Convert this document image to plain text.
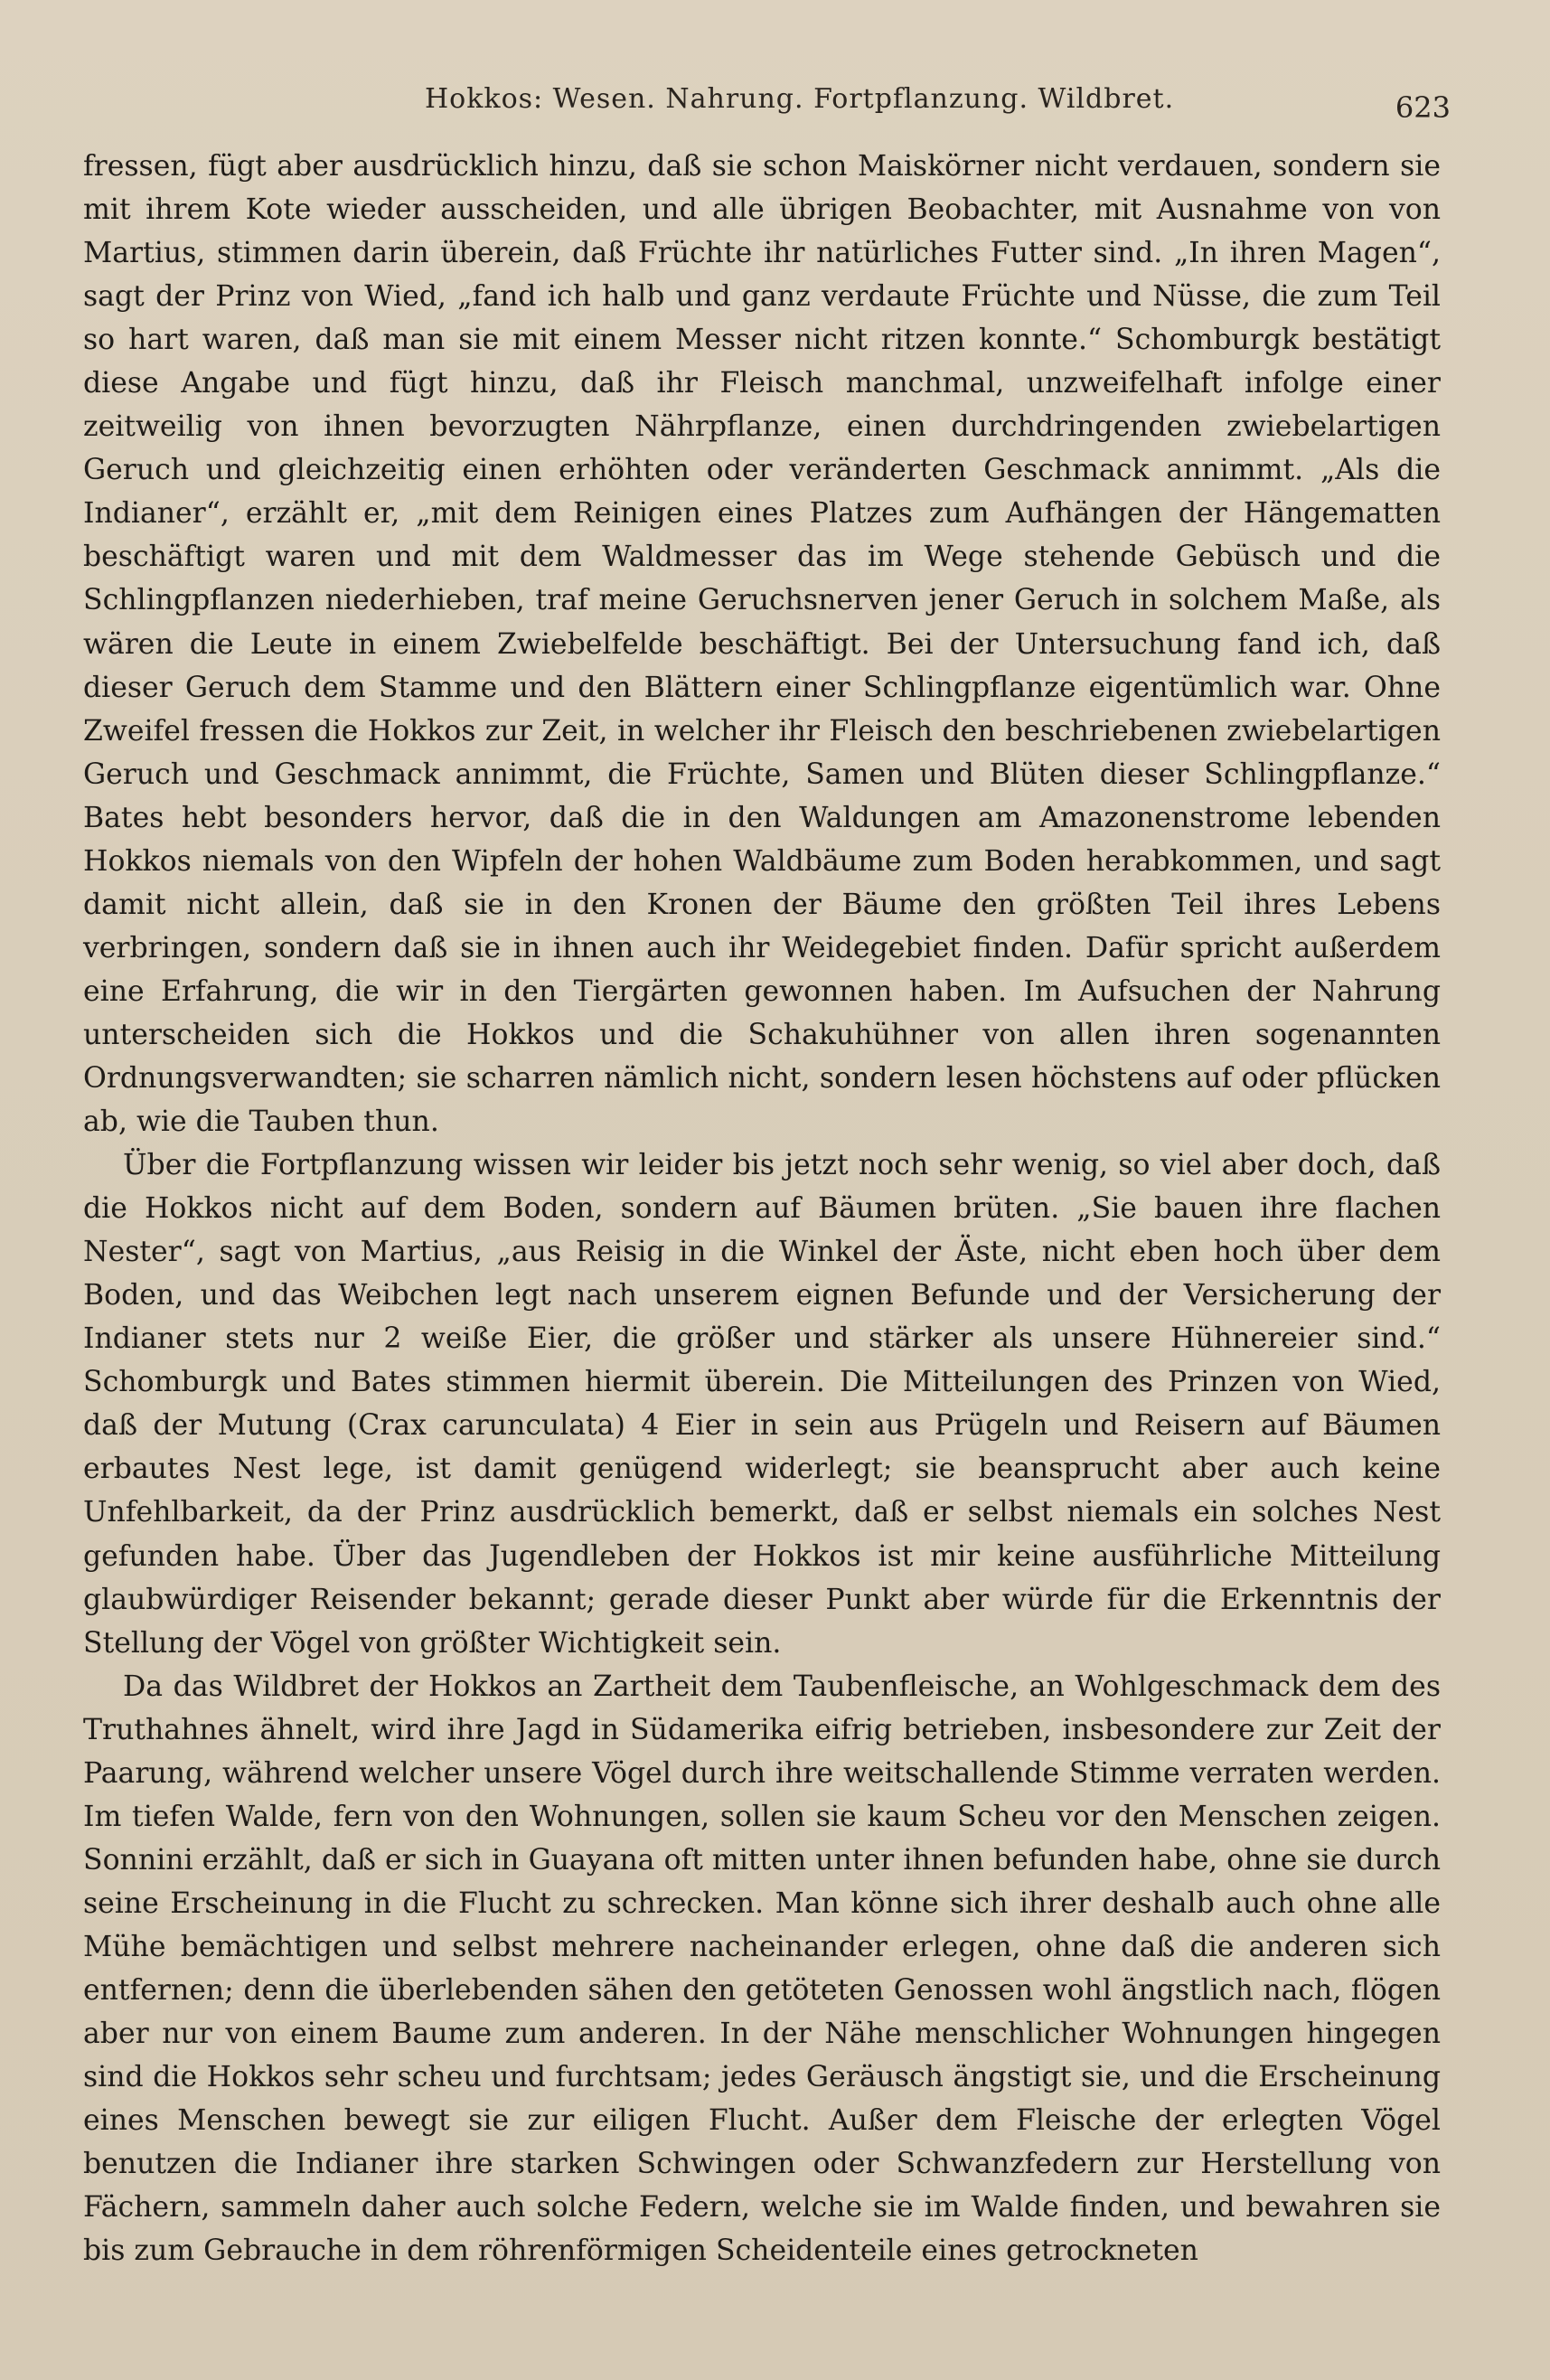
Hokkos: Wesen. Nahrung. Fortpflanzung. Wildbret.	623

fressen, fügt aber ausdrücklich hinzu, daß sie schon Maiskörner nicht verdauen, sondern sie mit ihrem Kote wieder ausscheiden, und alle übrigen Beobachter, mit Ausnahme von von Martius, stimmen darin überein, daß Früchte ihr natürliches Futter sind. „In ihren Magen“, sagt der Prinz von Wied, „fand ich halb und ganz verdaute Früchte und Nüsse, die zum Teil so hart waren, daß man sie mit einem Messer nicht ritzen konnte.“ Schomburgk bestätigt diese Angabe und fügt hinzu, daß ihr Fleisch manchmal, unzweifelhaft infolge einer zeitweilig von ihnen bevorzugten Nährpflanze, einen durchdringenden zwiebelartigen Geruch und gleichzeitig einen erhöhten oder veränderten Geschmack annimmt. „Als die Indianer“, erzählt er, „mit dem Reinigen eines Platzes zum Aufhängen der Hängematten beschäftigt waren und mit dem Waldmesser das im Wege stehende Gebüsch und die Schlingpflanzen niederhieben, traf meine Geruchsnerven jener Geruch in solchem Maße, als wären die Leute in einem Zwiebelfelde beschäftigt. Bei der Untersuchung fand ich, daß dieser Geruch dem Stamme und den Blättern einer Schlingpflanze eigentümlich war. Ohne Zweifel fressen die Hokkos zur Zeit, in welcher ihr Fleisch den beschriebenen zwiebelartigen Geruch und Geschmack annimmt, die Früchte, Samen und Blüten dieser Schlingpflanze.“ Bates hebt besonders hervor, daß die in den Waldungen am Amazonenstrome lebenden Hokkos niemals von den Wipfeln der hohen Waldbäume zum Boden herabkommen, und sagt damit nicht allein, daß sie in den Kronen der Bäume den größten Teil ihres Lebens verbringen, sondern daß sie in ihnen auch ihr Weidegebiet finden. Dafür spricht außerdem eine Erfahrung, die wir in den Tiergärten gewonnen haben. Im Aufsuchen der Nahrung unterscheiden sich die Hokkos und die Schakuhühner von allen ihren sogenannten Ordnungsverwandten; sie scharren nämlich nicht, sondern lesen höchstens auf oder pflücken ab, wie die Tauben thun.

Über die Fortpflanzung wissen wir leider bis jetzt noch sehr wenig, so viel aber doch, daß die Hokkos nicht auf dem Boden, sondern auf Bäumen brüten. „Sie bauen ihre flachen Nester“, sagt von Martius, „aus Reisig in die Winkel der Äste, nicht eben hoch über dem Boden, und das Weibchen legt nach unserem eignen Befunde und der Versicherung der Indianer stets nur 2 weiße Eier, die größer und stärker als unsere Hühnereier sind.“ Schomburgk und Bates stimmen hiermit überein. Die Mitteilungen des Prinzen von Wied, daß der Mutung (Crax carunculata) 4 Eier in sein aus Prügeln und Reisern auf Bäumen erbautes Nest lege, ist damit genügend widerlegt; sie beansprucht aber auch keine Unfehlbarkeit, da der Prinz ausdrücklich bemerkt, daß er selbst niemals ein solches Nest gefunden habe. Über das Jugendleben der Hokkos ist mir keine ausführliche Mitteilung glaubwürdiger Reisender bekannt; gerade dieser Punkt aber würde für die Erkenntnis der Stellung der Vögel von größter Wichtigkeit sein.

Da das Wildbret der Hokkos an Zartheit dem Taubenfleische, an Wohlgeschmack dem des Truthahnes ähnelt, wird ihre Jagd in Südamerika eifrig betrieben, insbesondere zur Zeit der Paarung, während welcher unsere Vögel durch ihre weitschallende Stimme verraten werden. Im tiefen Walde, fern von den Wohnungen, sollen sie kaum Scheu vor den Menschen zeigen. Sonnini erzählt, daß er sich in Guayana oft mitten unter ihnen befunden habe, ohne sie durch seine Erscheinung in die Flucht zu schrecken. Man könne sich ihrer deshalb auch ohne alle Mühe bemächtigen und selbst mehrere nacheinander erlegen, ohne daß die anderen sich entfernen; denn die überlebenden sähen den getöteten Genossen wohl ängstlich nach, flögen aber nur von einem Baume zum anderen. In der Nähe menschlicher Wohnungen hingegen sind die Hokkos sehr scheu und furchtsam; jedes Geräusch ängstigt sie, und die Erscheinung eines Menschen bewegt sie zur eiligen Flucht. Außer dem Fleische der erlegten Vögel benutzen die Indianer ihre starken Schwingen oder Schwanzfedern zur Herstellung von Fächern, sammeln daher auch solche Federn, welche sie im Walde finden, und bewahren sie bis zum Gebrauche in dem röhrenförmigen Scheidenteile eines getrockneten
